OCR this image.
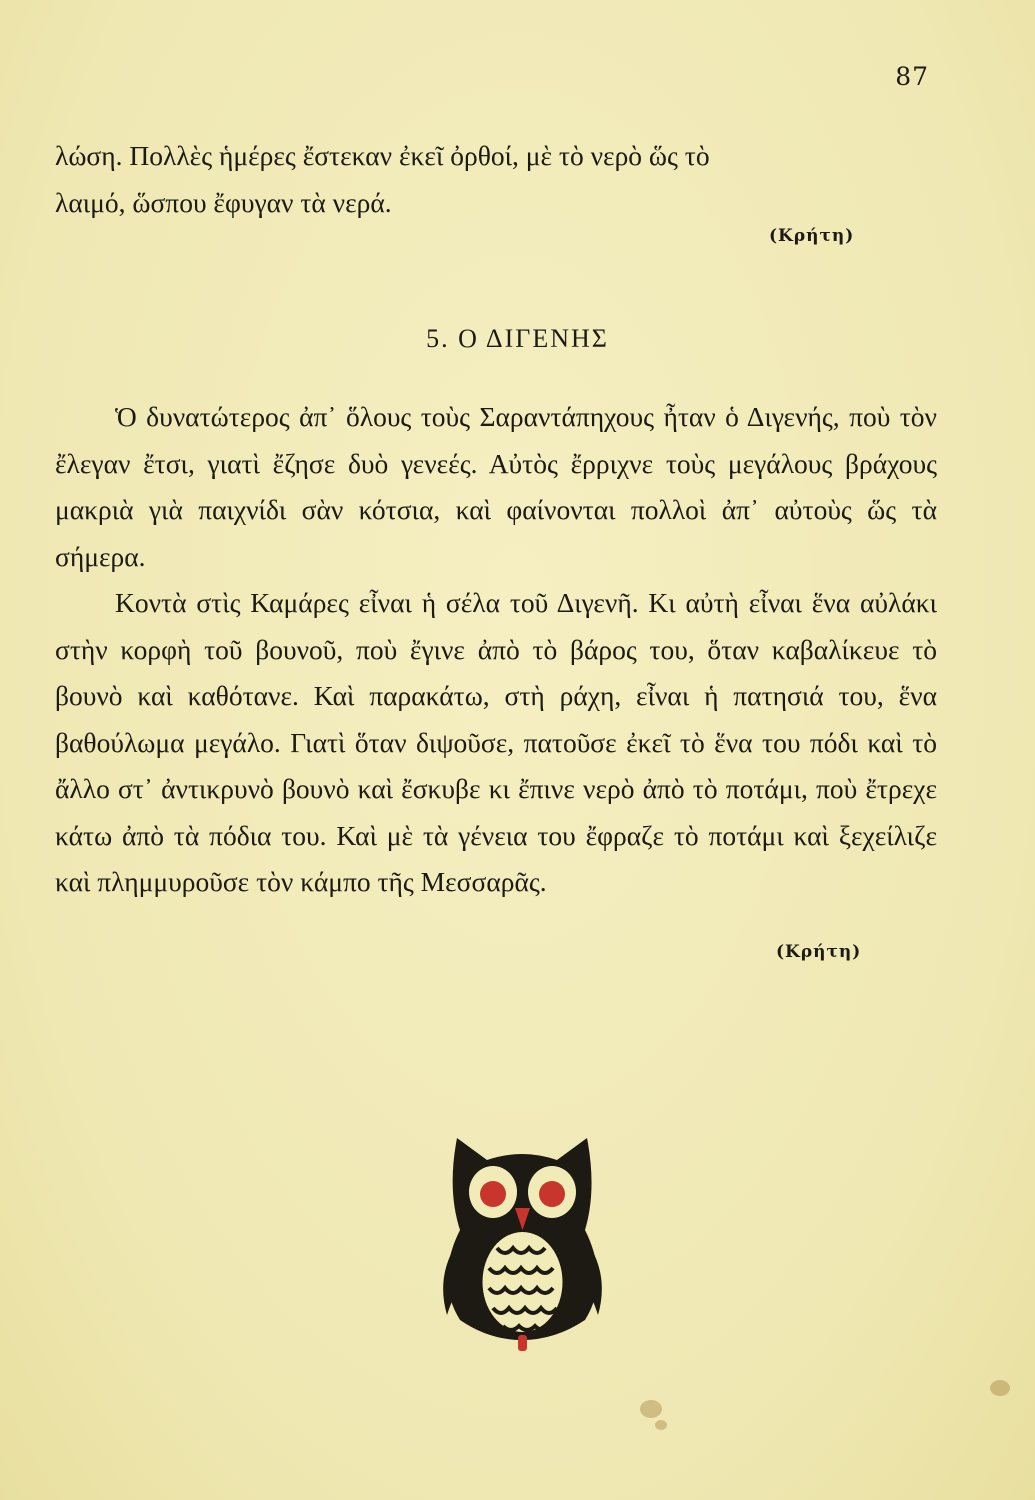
87

λώση. Πολλὲς ἡμέρες ἔστεκαν ἐκεῖ ὀρθοί, μὲ τὸ νερὸ ὥς τὸ

λαιμό, ὥσπου ἔφυγαν τὰ νερά.

(Κρήτη)
5. Ο ΔΙΓΕΝΗΣ

Ὁ δυνατώτερος ἀπ᾽ ὅλους τοὺς Σαραντάπηχους ἦταν ὁ Διγενής, ποὺ τὸν ἔλεγαν ἔτσι, γιατὶ ἔζησε δυὸ γενεές. Αὐτὸς ἔρριχνε τοὺς μεγάλους βράχους μακριὰ γιὰ παιχνίδι σὰν κότσια, καὶ φαίνονται πολλοὶ ἀπ᾽ αὐτοὺς ὥς τὰ σήμερα.

Κοντὰ στὶς Καμάρες εἶναι ἡ σέλα τοῦ Διγενῆ. Κι αὐτὴ εἶναι ἕνα αὐλάκι στὴν κορφὴ τοῦ βουνοῦ, ποὺ ἔγινε ἀπὸ τὸ βάρος του, ὅταν καβαλίκευε τὸ βουνὸ καὶ καθότανε. Καὶ παρακάτω, στὴ ράχη, εἶναι ἡ πατησιά του, ἕνα βαθούλωμα μεγάλο. Γιατὶ ὅταν διψοῦσε, πατοῦσε ἐκεῖ τὸ ἕνα του πόδι καὶ τὸ ἄλλο στ᾽ ἀντικρυνὸ βουνὸ καὶ ἔσκυβε κι ἔπινε νερὸ ἀπὸ τὸ ποτάμι, ποὺ ἔτρεχε κάτω ἀπὸ τὰ πόδια του. Καὶ μὲ τὰ γένεια του ἔφραζε τὸ ποτάμι καὶ ξεχείλιζε καὶ πλημμυροῦσε τὸν κάμπο τῆς Μεσσαρᾶς.

(Κρήτη)
